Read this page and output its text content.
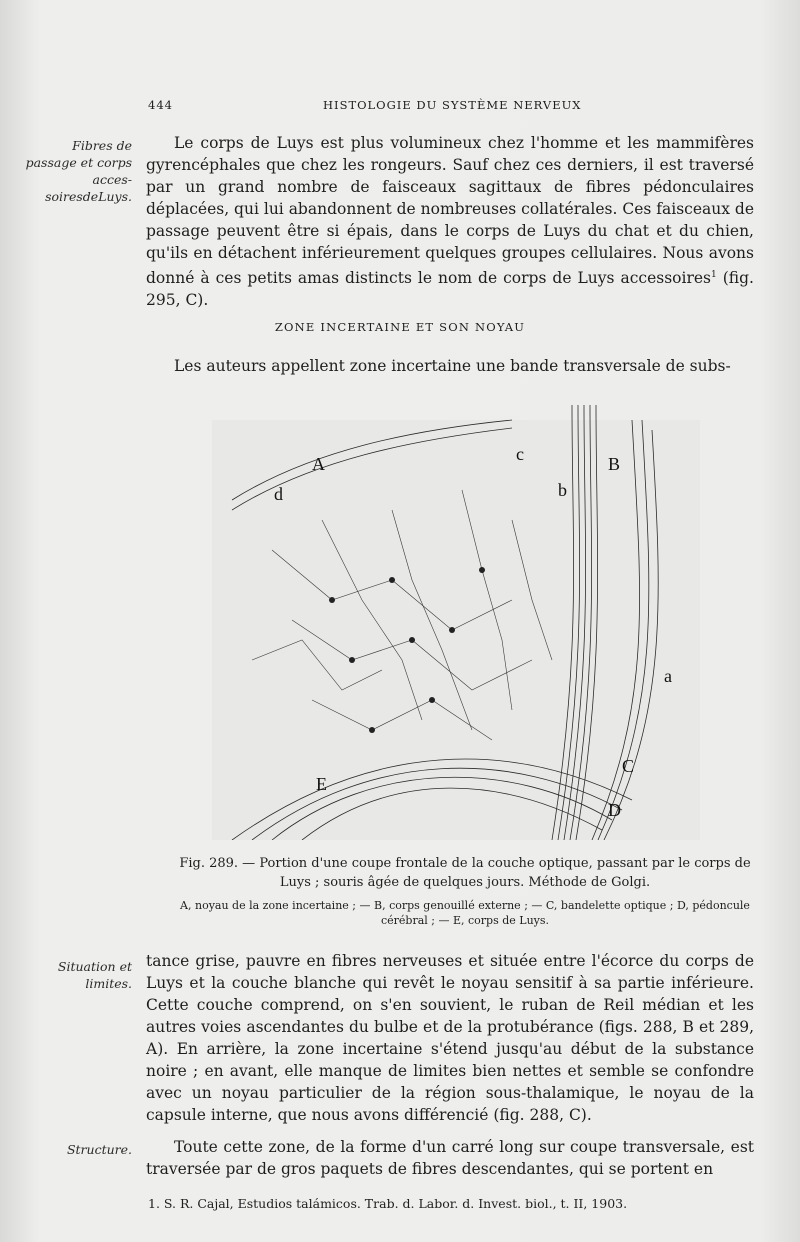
444	HISTOLOGIE DU SYSTÈME NERVEUX
Fibres de passage et corps acces-soiresdeLuys.
Le corps de Luys est plus volumineux chez l'homme et les mammifères gyrencéphales que chez les rongeurs. Sauf chez ces derniers, il est traversé par un grand nombre de faisceaux sagittaux de fibres pédonculaires déplacées, qui lui abandonnent de nombreuses collatérales. Ces faisceaux de passage peuvent être si épais, dans le corps de Luys du chat et du chien, qu'ils en détachent inférieurement quelques groupes cellulaires. Nous avons donné à ces petits amas distincts le nom de corps de Luys accessoires$^1$ (fig. 295, C).
ZONE INCERTAINE ET SON NOYAU
Les auteurs appellent zone incertaine une bande transversale de subs-
A	B
C
D
E
a
b
c
d
Fig. 289. — Portion d'une coupe frontale de la couche optique, passant par le corps de Luys ; souris âgée de quelques jours. Méthode de Golgi.
A, noyau de la zone incertaine ; — B, corps genouillé externe ; — C, bandelette optique ; D, pédoncule cérébral ; — E, corps de Luys.
Situation et limites.
tance grise, pauvre en fibres nerveuses et située entre l'écorce du corps de Luys et la couche blanche qui revêt le noyau sensitif à sa partie inférieure. Cette couche comprend, on s'en souvient, le ruban de Reil médian et les autres voies ascendantes du bulbe et de la protubérance (figs. 288, B et 289, A). En arrière, la zone incertaine s'étend jusqu'au début de la substance noire ; en avant, elle manque de limites bien nettes et semble se confondre avec un noyau particulier de la région sous-thalamique, le noyau de la capsule interne, que nous avons différencié (fig. 288, C).
Structure.	Toute cette zone, de la forme d'un carré long sur coupe transversale, est traversée par de gros paquets de fibres descendantes, qui se portent en
1. S. R. Cajal, Estudios talámicos. Trab. d. Labor. d. Invest. biol., t. II, 1903.
